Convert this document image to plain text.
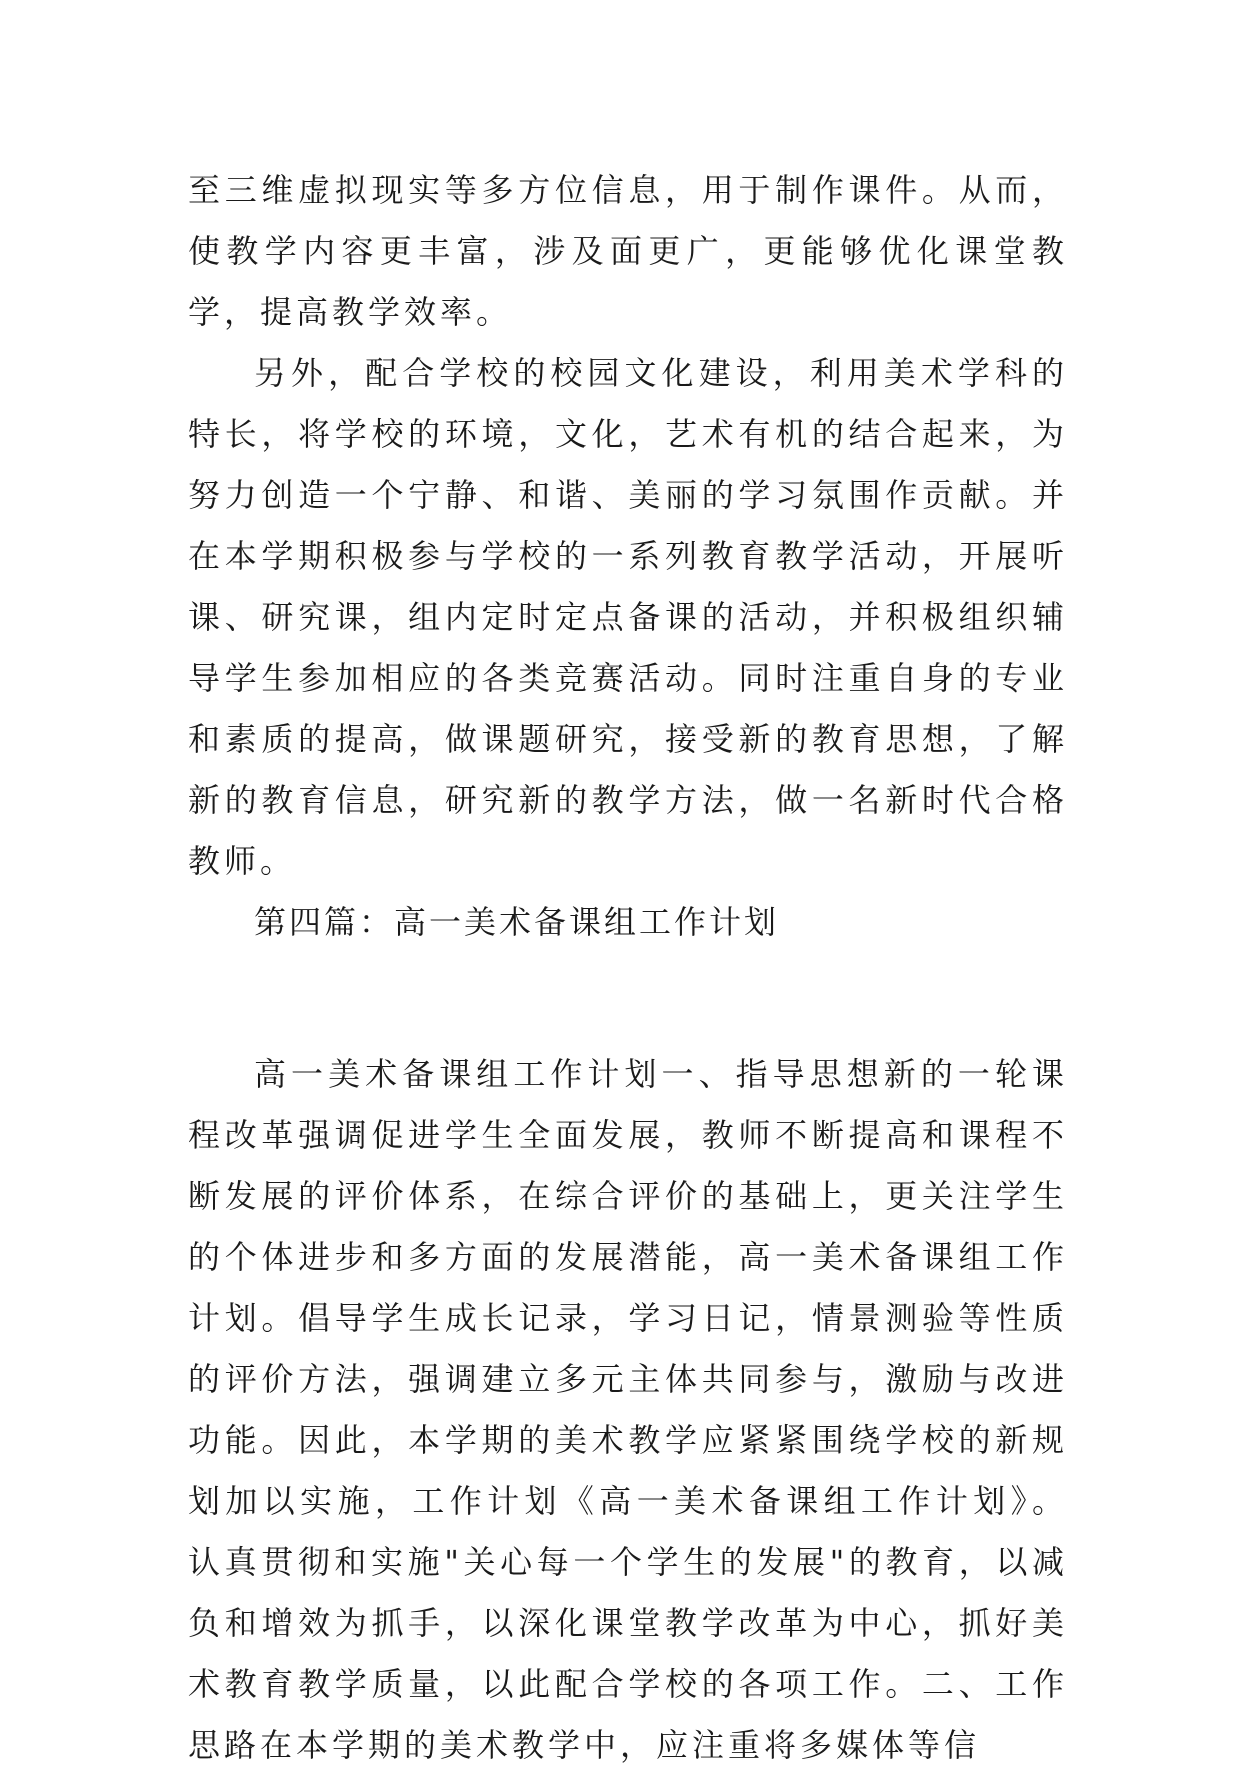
至三维虚拟现实等多方位信息，用于制作课件。从而，使教学内容更丰富，涉及面更广，更能够优化课堂教学，提高教学效率。

另外，配合学校的校园文化建设，利用美术学科的特长，将学校的环境，文化，艺术有机的结合起来，为努力创造一个宁静、和谐、美丽的学习氛围作贡献。并在本学期积极参与学校的一系列教育教学活动，开展听课、研究课，组内定时定点备课的活动，并积极组织辅导学生参加相应的各类竞赛活动。同时注重自身的专业和素质的提高，做课题研究，接受新的教育思想，了解新的教育信息，研究新的教学方法，做一名新时代合格教师。

第四篇：高一美术备课组工作计划

高一美术备课组工作计划一、指导思想新的一轮课程改革强调促进学生全面发展，教师不断提高和课程不断发展的评价体系，在综合评价的基础上，更关注学生的个体进步和多方面的发展潜能，高一美术备课组工作计划。倡导学生成长记录，学习日记，情景测验等性质的评价方法，强调建立多元主体共同参与，激励与改进功能。因此，本学期的美术教学应紧紧围绕学校的新规划加以实施，工作计划《高一美术备课组工作计划》。 认真贯彻和实施"关心每一个学生的发展"的教育，以减负和增效为抓手，以深化课堂教学改革为中心，抓好美术教育教学质量，以此配合学校的各项工作。二、工作思路在本学期的美术教学中，应注重将多媒体等信
